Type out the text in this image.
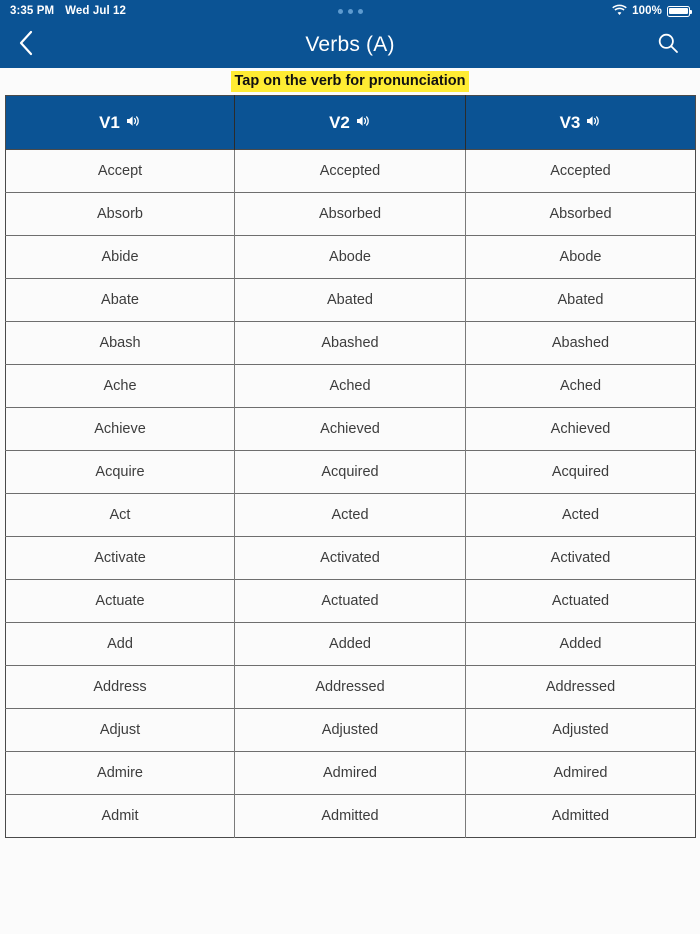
3:35 PM Wed Jul 12	100%
Verbs (A)
Tap on the verb for pronunciation
V1	V2	V3

Accept	Accepted	Accepted
Absorb	Absorbed	Absorbed
Abide	Abode	Abode
Abate	Abated	Abated
Abash	Abashed	Abashed
Ache	Ached	Ached
Achieve	Achieved	Achieved
Acquire	Acquired	Acquired
Act	Acted	Acted
Activate	Activated	Activated
Actuate	Actuated	Actuated
Add	Added	Added
Address	Addressed	Addressed
Adjust	Adjusted	Adjusted
Admire	Admired	Admired
Admit	Admitted	Admitted
